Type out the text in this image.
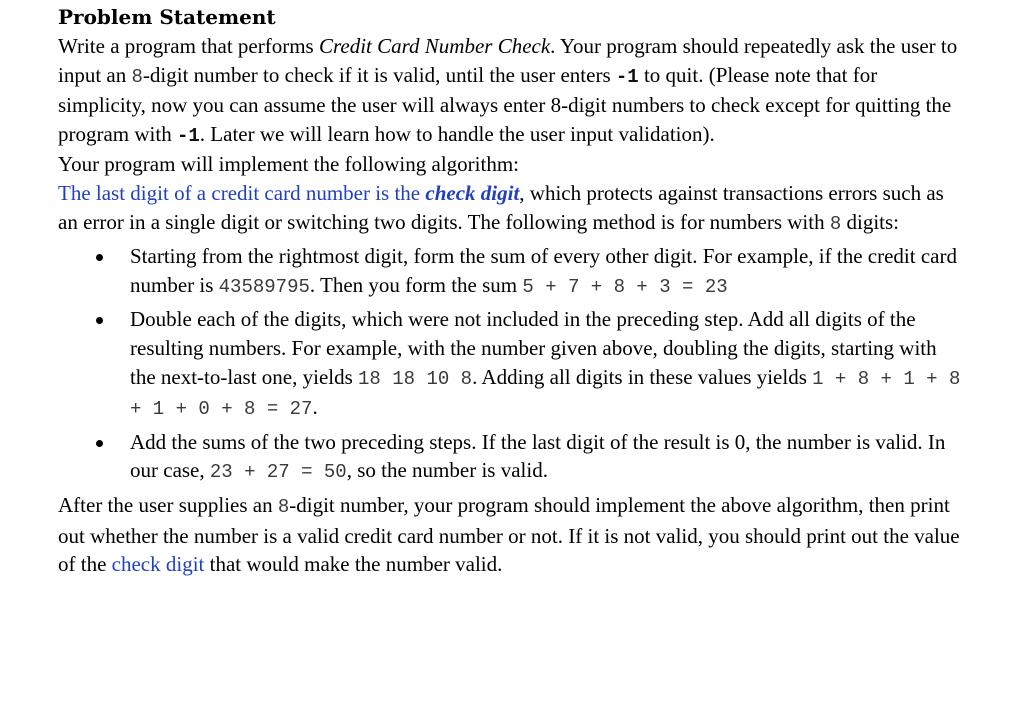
Problem Statement

Write a program that performs Credit Card Number Check. Your program should repeatedly ask the user to input an 8-digit number to check if it is valid, until the user enters -1 to quit. (Please note that for simplicity, now you can assume the user will always enter 8-digit numbers to check except for quitting the program with -1. Later we will learn how to handle the user input validation).

Your program will implement the following algorithm:

The last digit of a credit card number is the check digit, which protects against transactions errors such as an error in a single digit or switching two digits. The following method is for numbers with 8 digits:

Starting from the rightmost digit, form the sum of every other digit. For example, if the credit card number is 43589795. Then you form the sum 5 + 7 + 8 + 3 = 23
Double each of the digits, which were not included in the preceding step. Add all digits of the resulting numbers. For example, with the number given above, doubling the digits, starting with the next-to-last one, yields 18 18 10 8. Adding all digits in these values yields 1 + 8 + 1 + 8 + 1 + 0 + 8 = 27.
Add the sums of the two preceding steps. If the last digit of the result is 0, the number is valid. In our case, 23 + 27 = 50, so the number is valid.

After the user supplies an 8-digit number, your program should implement the above algorithm, then print out whether the number is a valid credit card number or not. If it is not valid, you should print out the value of the check digit that would make the number valid.
